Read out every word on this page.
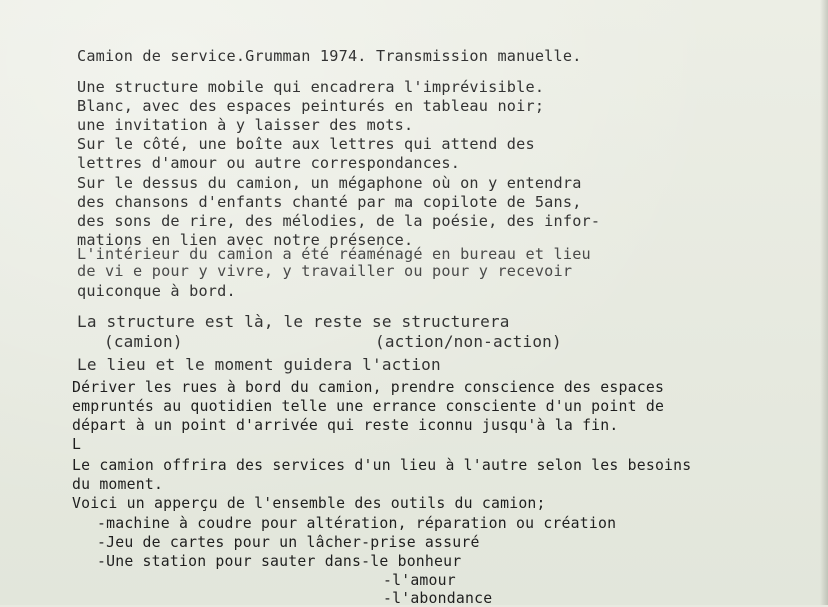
Camion de service.Grumman 1974. Transmission manuelle.
Une structure mobile qui encadrera l'imprévisible.
Blanc, avec des espaces peinturés en tableau noir;
une invitation à y laisser des mots.
Sur le côté, une boîte aux lettres qui attend des
lettres d'amour ou autre correspondances.
Sur le dessus du camion, un mégaphone où on y entendra
des chansons d'enfants chanté par ma copilote de 5ans,
des sons de rire, des mélodies, de la poésie, des infor-
mations en lien avec notre présence.
L'intérieur du camion a été réaménagé en bureau et lieu
de vi e pour y vivre, y travailler ou pour y recevoir
quiconque à bord.
La structure est là, le reste se structurera
(camion)	(action/non-action)
Le lieu et le moment guidera l'action
Dériver les rues à bord du camion, prendre conscience des espaces
empruntés au quotidien telle une errance consciente d'un point de
départ à un point d'arrivée qui reste iconnu jusqu'à la fin.
L
Le camion offrira des services d'un lieu à l'autre selon les besoins
du moment.
Voici un apperçu de l'ensemble des outils du camion;
-machine à coudre pour altération, réparation ou création
-Jeu de cartes pour un lâcher-prise assuré
-Une station pour sauter dans-le bonheur
-l'amour
-l'abondance
